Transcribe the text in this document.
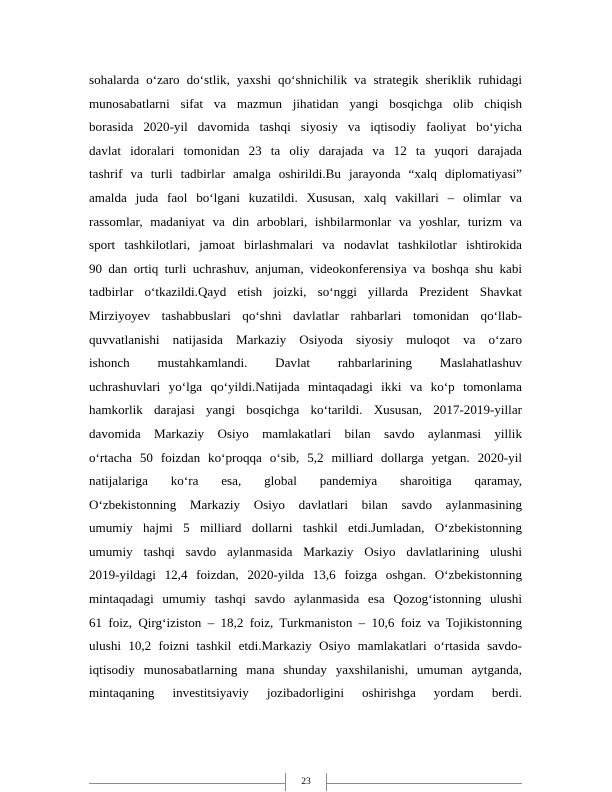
sohalarda o‘zaro do‘stlik, yaxshi qo‘shnichilik va strategik sheriklik ruhidagi
munosabatlarni sifat va mazmun jihatidan yangi bosqichga olib chiqish
borasida 2020-yil davomida tashqi siyosiy va iqtisodiy faoliyat bo‘yicha
davlat idoralari tomonidan 23 ta oliy darajada va 12 ta yuqori darajada
tashrif va turli tadbirlar amalga oshirildi.Bu jarayonda “xalq diplomatiyasi”
amalda juda faol bo‘lgani kuzatildi. Xususan, xalq vakillari – olimlar va
rassomlar, madaniyat va din arboblari, ishbilarmonlar va yoshlar, turizm va
sport tashkilotlari, jamoat birlashmalari va nodavlat tashkilotlar ishtirokida
90 dan ortiq turli uchrashuv, anjuman, videokonferensiya va boshqa shu kabi
tadbirlar o‘tkazildi.Qayd etish joizki, so‘nggi yillarda Prezident Shavkat
Mirziyoyev tashabbuslari qo‘shni davlatlar rahbarlari tomonidan qo‘llab-
quvvatlanishi natijasida Markaziy Osiyoda siyosiy muloqot va o‘zaro
ishonch mustahkamlandi. Davlat rahbarlarining Maslahatlashuv
uchrashuvlari yo‘lga qo‘yildi.Natijada mintaqadagi ikki va ko‘p tomonlama
hamkorlik darajasi yangi bosqichga ko‘tarildi. Xususan, 2017-2019-yillar
davomida Markaziy Osiyo mamlakatlari bilan savdo aylanmasi yillik
o‘rtacha 50 foizdan ko‘proqqa o‘sib, 5,2 milliard dollarga yetgan. 2020-yil
natijalariga ko‘ra esa, global pandemiya sharoitiga qaramay,
O‘zbekistonning Markaziy Osiyo davlatlari bilan savdo aylanmasining
umumiy hajmi 5 milliard dollarni tashkil etdi.Jumladan, O‘zbekistonning
umumiy tashqi savdo aylanmasida Markaziy Osiyo davlatlarining ulushi
2019-yildagi 12,4 foizdan, 2020-yilda 13,6 foizga oshgan. O‘zbekistonning
mintaqadagi umumiy tashqi savdo aylanmasida esa Qozog‘istonning ulushi
61 foiz, Qirg‘iziston – 18,2 foiz, Turkmaniston – 10,6 foiz va Tojikistonning
ulushi 10,2 foizni tashkil etdi.Markaziy Osiyo mamlakatlari o‘rtasida savdo-
iqtisodiy munosabatlarning mana shunday yaxshilanishi, umuman aytganda,
mintaqaning investitsiyaviy jozibadorligini oshirishga yordam berdi.
23
